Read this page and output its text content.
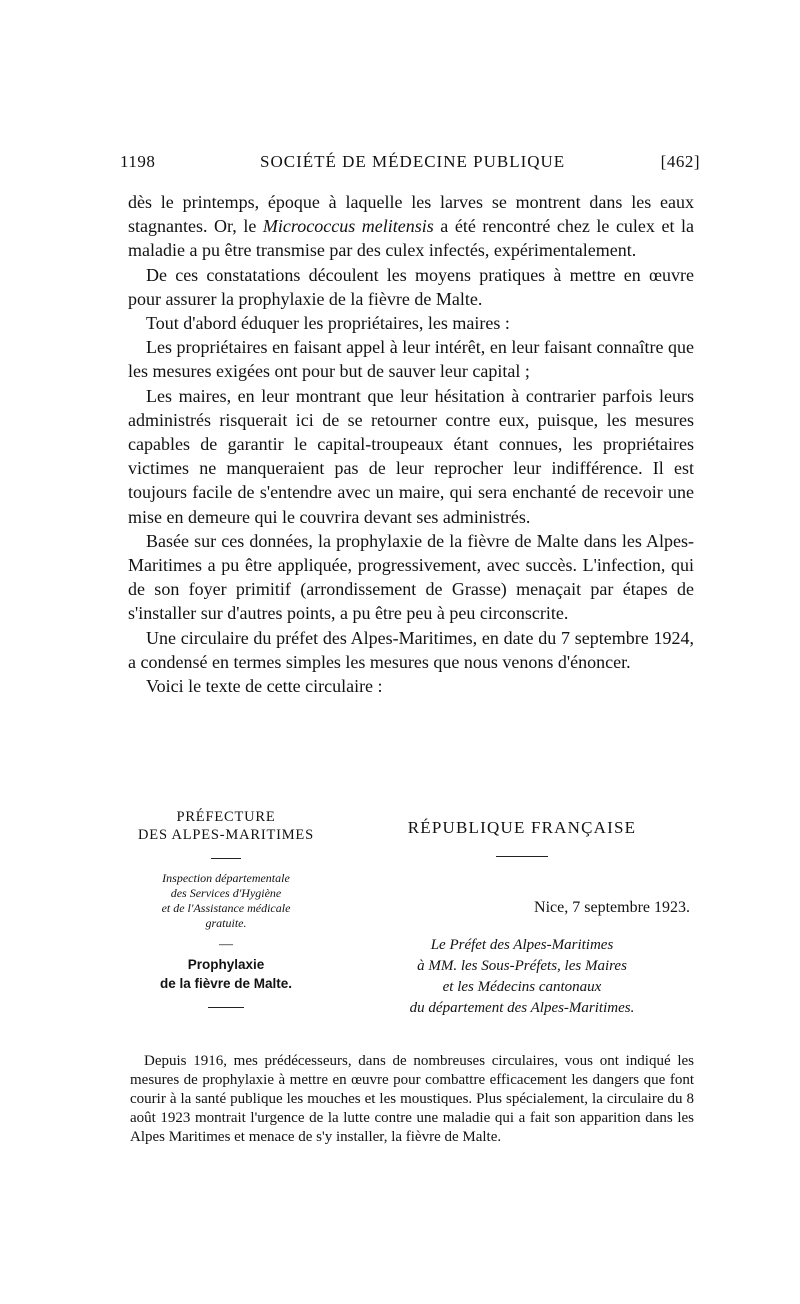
1198	SOCIÉTÉ DE MÉDECINE PUBLIQUE	[462]

dès le printemps, époque à laquelle les larves se montrent dans les eaux stagnantes. Or, le Micrococcus melitensis a été rencontré chez le culex et la maladie a pu être transmise par des culex infectés, expérimentalement.

De ces constatations découlent les moyens pratiques à mettre en œuvre pour assurer la prophylaxie de la fièvre de Malte.

Tout d'abord éduquer les propriétaires, les maires :

Les propriétaires en faisant appel à leur intérêt, en leur faisant connaître que les mesures exigées ont pour but de sauver leur capital ;

Les maires, en leur montrant que leur hésitation à contrarier parfois leurs administrés risquerait ici de se retourner contre eux, puisque, les mesures capables de garantir le capital-troupeaux étant connues, les propriétaires victimes ne manqueraient pas de leur reprocher leur indifférence. Il est toujours facile de s'entendre avec un maire, qui sera enchanté de recevoir une mise en demeure qui le couvrira devant ses administrés.

Basée sur ces données, la prophylaxie de la fièvre de Malte dans les Alpes-Maritimes a pu être appliquée, progressivement, avec succès. L'infection, qui de son foyer primitif (arrondissement de Grasse) menaçait par étapes de s'installer sur d'autres points, a pu être peu à peu circonscrite.

Une circulaire du préfet des Alpes-Maritimes, en date du 7 septembre 1924, a condensé en termes simples les mesures que nous venons d'énoncer.

Voici le texte de cette circulaire :

PRÉFECTURE
DES ALPES-MARITIMES
Inspection départementale
des Services d'Hygiène
et de l'Assistance médicale
gratuite.
—
Prophylaxie
de la fièvre de Malte.
RÉPUBLIQUE FRANÇAISE
Nice, 7 septembre 1923.
Le Préfet des Alpes-Maritimes
à MM. les Sous-Préfets, les Maires
et les Médecins cantonaux
du département des Alpes-Maritimes.

Depuis 1916, mes prédécesseurs, dans de nombreuses circulaires, vous ont indiqué les mesures de prophylaxie à mettre en œuvre pour combattre efficacement les dangers que font courir à la santé publique les mouches et les moustiques. Plus spécialement, la circulaire du 8 août 1923 montrait l'urgence de la lutte contre une maladie qui a fait son apparition dans les Alpes Maritimes et menace de s'y installer, la fièvre de Malte.
